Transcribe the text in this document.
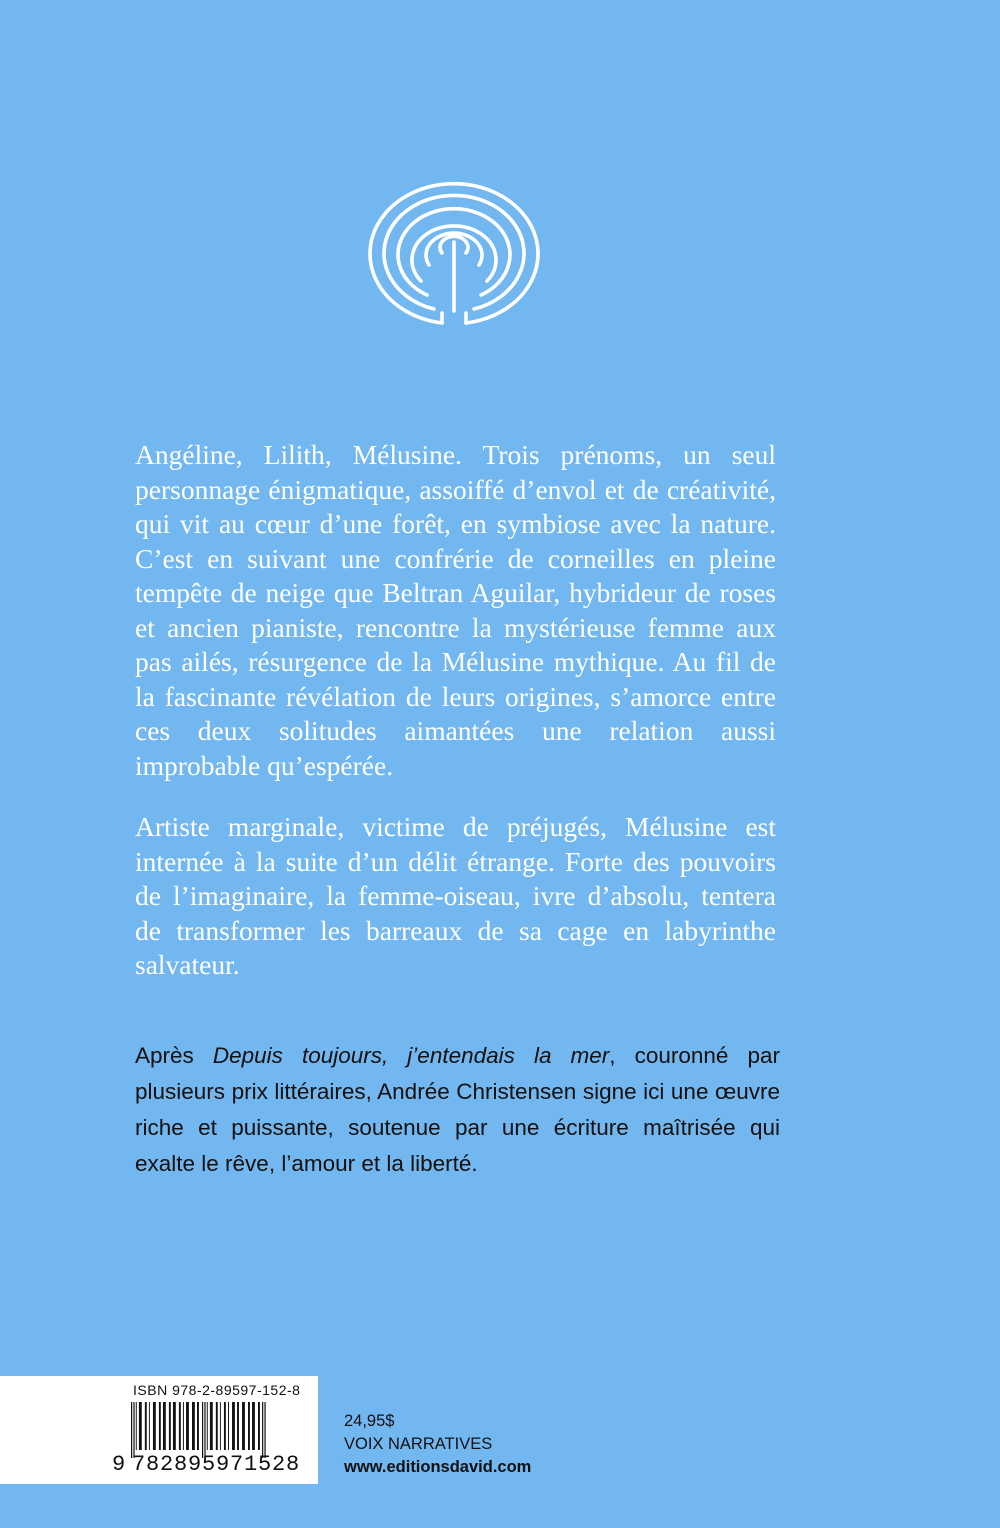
Angéline, Lilith, Mélusine. Trois prénoms, un seul personnage énigmatique, assoiffé d’envol et de créativité, qui vit au cœur d’une forêt, en symbiose avec la nature. C’est en suivant une confrérie de corneilles en pleine tempête de neige que Beltran Aguilar, hybrideur de roses et ancien pianiste, rencontre la mystérieuse femme aux pas ailés, résurgence de la Mélusine mythique. Au fil de la fascinante révélation de leurs origines, s’amorce entre ces deux solitudes aimantées une relation aussi improbable qu’espérée.

Artiste marginale, victime de préjugés, Mélusine est internée à la suite d’un délit étrange. Forte des pouvoirs de l’imaginaire, la femme-oiseau, ivre d’absolu, tentera de transformer les barreaux de sa cage en labyrinthe salvateur.

Après Depuis toujours, j’entendais la mer, couronné par plusieurs prix littéraires, Andrée Christensen signe ici une œuvre riche et puissante, soutenue par une écriture maîtrisée qui exalte le rêve, l’amour et la liberté.

ISBN 978-2-89597-152-8
9 782895971528
24,95$
VOIX NARRATIVES
www.editionsdavid.com
